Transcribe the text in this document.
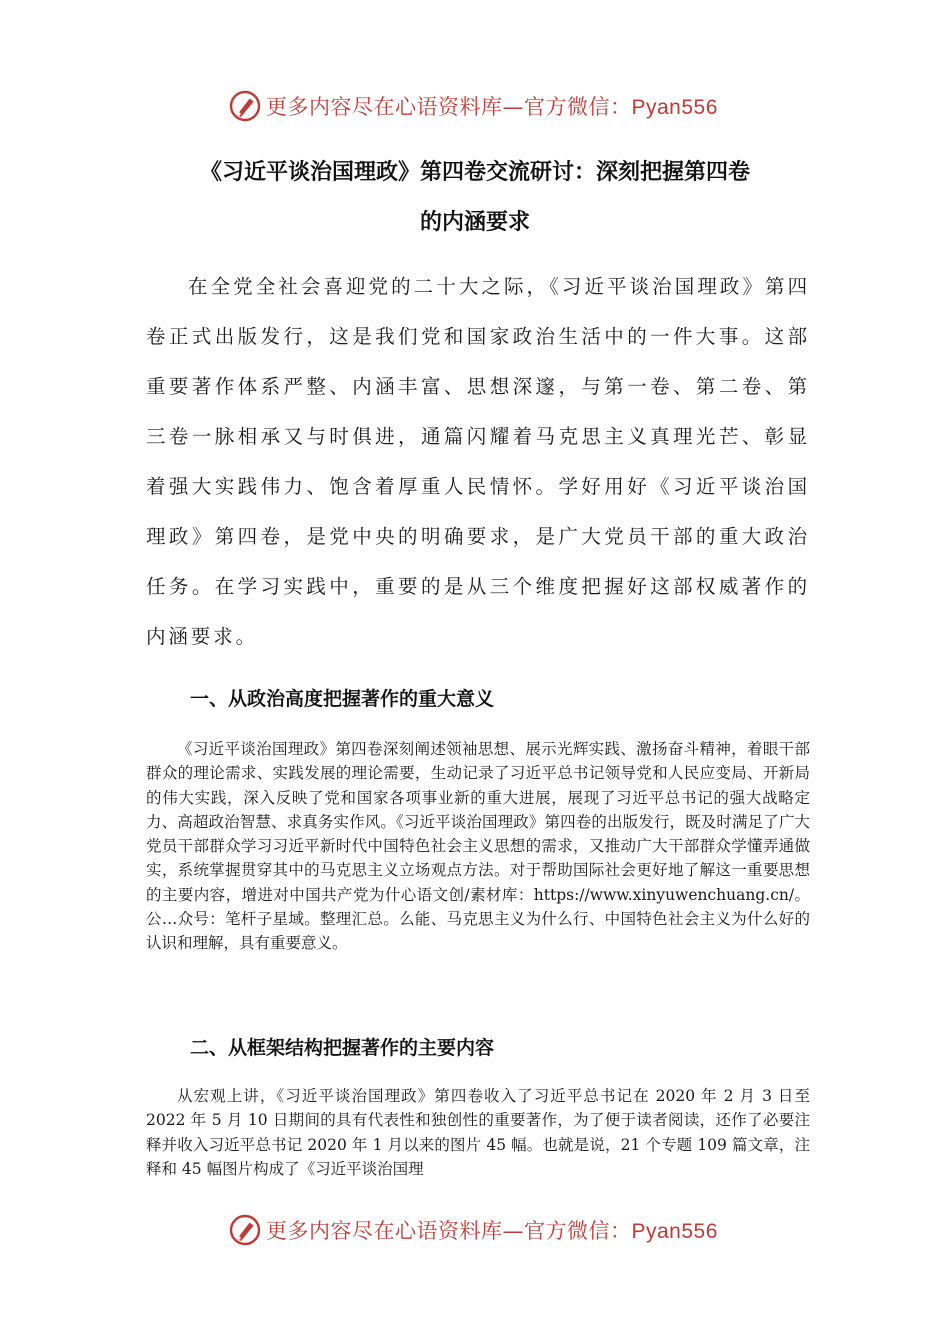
更多内容尽在心语资料库—官方微信：Pyan556
《习近平谈治国理政》第四卷交流研讨：深刻把握第四卷
的内涵要求

在全党全社会喜迎党的二十大之际，《习近平谈治国理政》第四卷正式出版发行，这是我们党和国家政治生活中的一件大事。这部重要著作体系严整、内涵丰富、思想深邃，与第一卷、第二卷、第三卷一脉相承又与时俱进，通篇闪耀着马克思主义真理光芒、彰显着强大实践伟力、饱含着厚重人民情怀。学好用好《习近平谈治国理政》第四卷，是党中央的明确要求，是广大党员干部的重大政治任务。在学习实践中，重要的是从三个维度把握好这部权威著作的内涵要求。

一、从政治高度把握著作的重大意义

《习近平谈治国理政》第四卷深刻阐述领袖思想、展示光辉实践、激扬奋斗精神，着眼干部群众的理论需求、实践发展的理论需要，生动记录了习近平总书记领导党和人民应变局、开新局的伟大实践，深入反映了党和国家各项事业新的重大进展，展现了习近平总书记的强大战略定力、高超政治智慧、求真务实作风。《习近平谈治国理政》第四卷的出版发行，既及时满足了广大党员干部群众学习习近平新时代中国特色社会主义思想的需求，又推动广大干部群众学懂弄通做实，系统掌握贯穿其中的马克思主义立场观点方法。对于帮助国际社会更好地了解这一重要思想的主要内容，增进对中国共产党为什心语文创/素材库：https://www.xinyuwenchuang.cn/。公…众号：笔杆子星域。整理汇总。么能、马克思主义为什么行、中国特色社会主义为什么好的认识和理解，具有重要意义。

二、从框架结构把握著作的主要内容

从宏观上讲，《习近平谈治国理政》第四卷收入了习近平总书记在 2020 年 2 月 3 日至 2022 年 5 月 10 日期间的具有代表性和独创性的重要著作，为了便于读者阅读，还作了必要注释并收入习近平总书记 2020 年 1 月以来的图片 45 幅。也就是说，21 个专题 109 篇文章，注释和 45 幅图片构成了《习近平谈治国理

更多内容尽在心语资料库—官方微信：Pyan556
